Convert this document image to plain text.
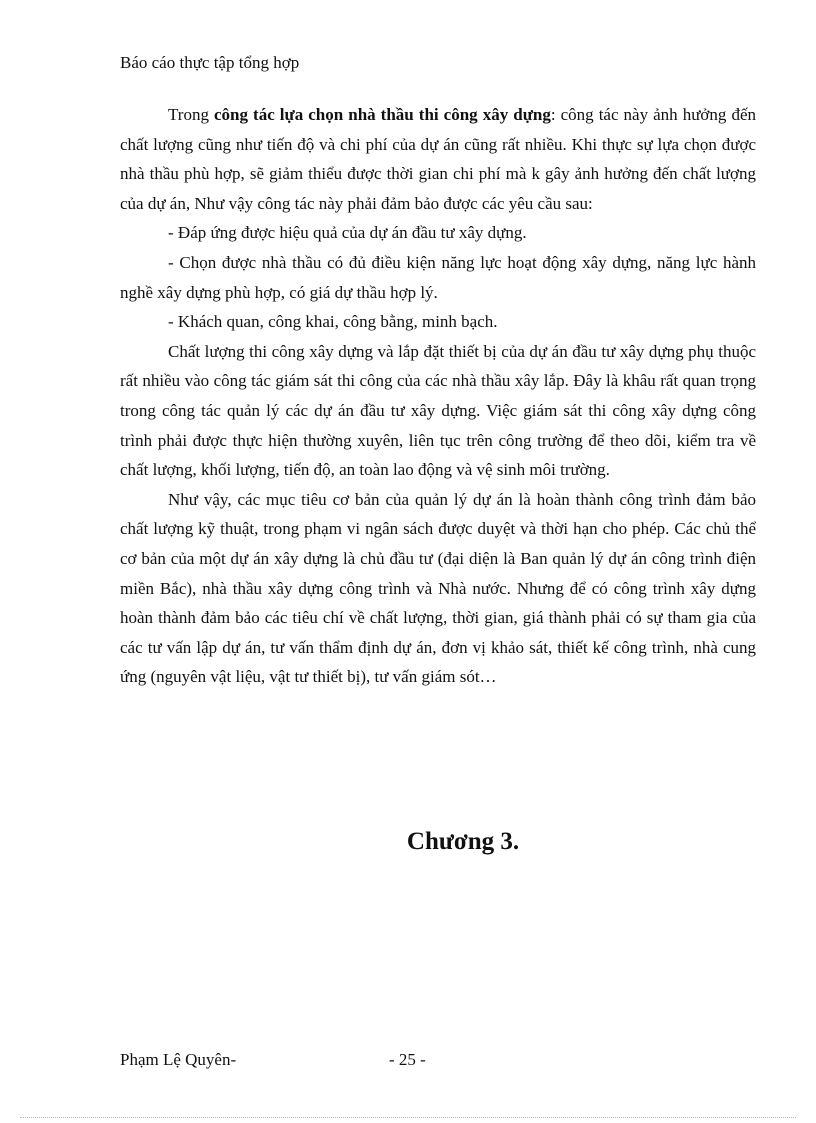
Báo cáo thực tập tổng hợp

Trong công tác lựa chọn nhà thầu thi công xây dựng: công tác này ảnh hưởng đến chất lượng cũng như tiến độ và chi phí của dự án cũng rất nhiều. Khi thực sự lựa chọn được nhà thầu phù hợp, sẽ giảm thiểu được thời gian chi phí mà k gây ảnh hưởng đến chất lượng của dự án, Như vậy công tác này phải đảm bảo được các yêu cầu sau:

- Đáp ứng được hiệu quả của dự án đầu tư xây dựng.

- Chọn được nhà thầu có đủ điều kiện năng lực hoạt động xây dựng, năng lực hành nghề xây dựng phù hợp, có giá dự thầu hợp lý.

- Khách quan, công khai, công bằng, minh bạch.

Chất lượng thi công xây dựng và lắp đặt thiết bị của dự án đầu tư xây dựng phụ thuộc rất nhiều vào công tác giám sát thi công của các nhà thầu xây lắp. Đây là khâu rất quan trọng trong công tác quản lý các dự án đầu tư xây dựng. Việc giám sát thi công xây dựng công trình phải được thực hiện thường xuyên, liên tục trên công trường để theo dõi, kiểm tra về chất lượng, khối lượng, tiến độ, an toàn lao động và vệ sinh môi trường.

Như vậy, các mục tiêu cơ bản của quản lý dự án là hoàn thành công trình đảm bảo chất lượng kỹ thuật, trong phạm vi ngân sách được duyệt và thời hạn cho phép. Các chủ thể cơ bản của một dự án xây dựng là chủ đầu tư (đại diện là Ban quản lý dự án công trình điện miền Bắc), nhà thầu xây dựng công trình và Nhà nước. Nhưng để có công trình xây dựng hoàn thành đảm bảo các tiêu chí về chất lượng, thời gian, giá thành phải có sự tham gia của các tư vấn lập dự án, tư vấn thẩm định dự án, đơn vị khảo sát, thiết kế công trình, nhà cung ứng (nguyên vật liệu, vật tư thiết bị), tư vấn giám sót…

Chương 3.
Phạm Lệ Quyên-	- 25 -
